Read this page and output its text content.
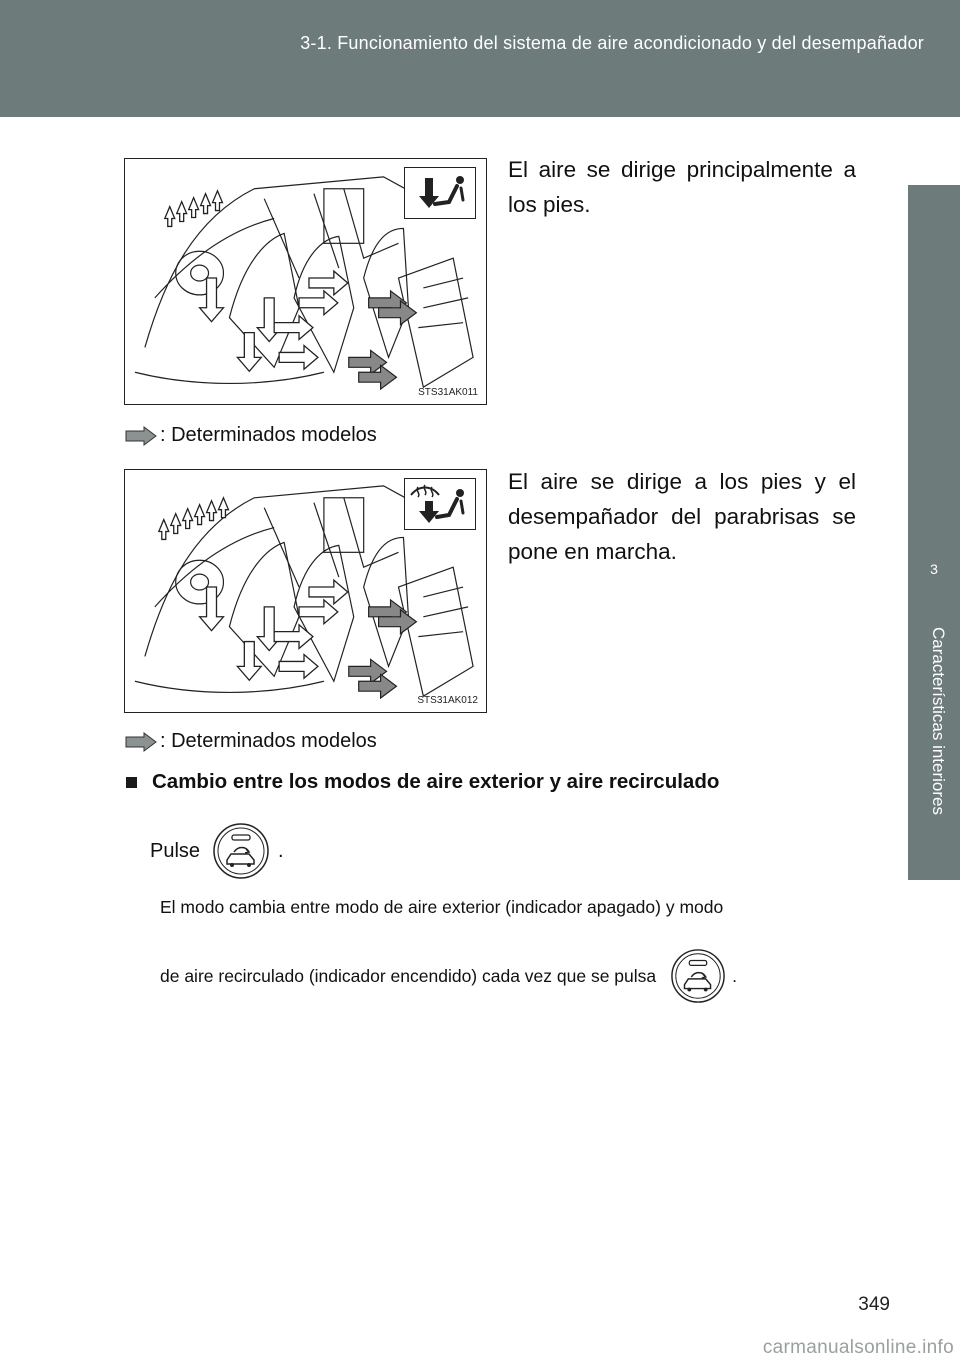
3-1. Funcionamiento del sistema de aire acondicionado y del desempañador
3
Características interiores
STS31AK011
El aire se dirige principalmente a los pies.
: Determinados modelos
STS31AK012
El aire se dirige a los pies y el desempañador del parabrisas se pone en marcha.
: Determinados modelos
Cambio entre los modos de aire exterior y aire recirculado
Pulse	.
El modo cambia entre modo de aire exterior (indicador apagado) y modo
de aire recirculado (indicador encendido) cada vez que se pulsa	.
349
carmanualsonline.info
